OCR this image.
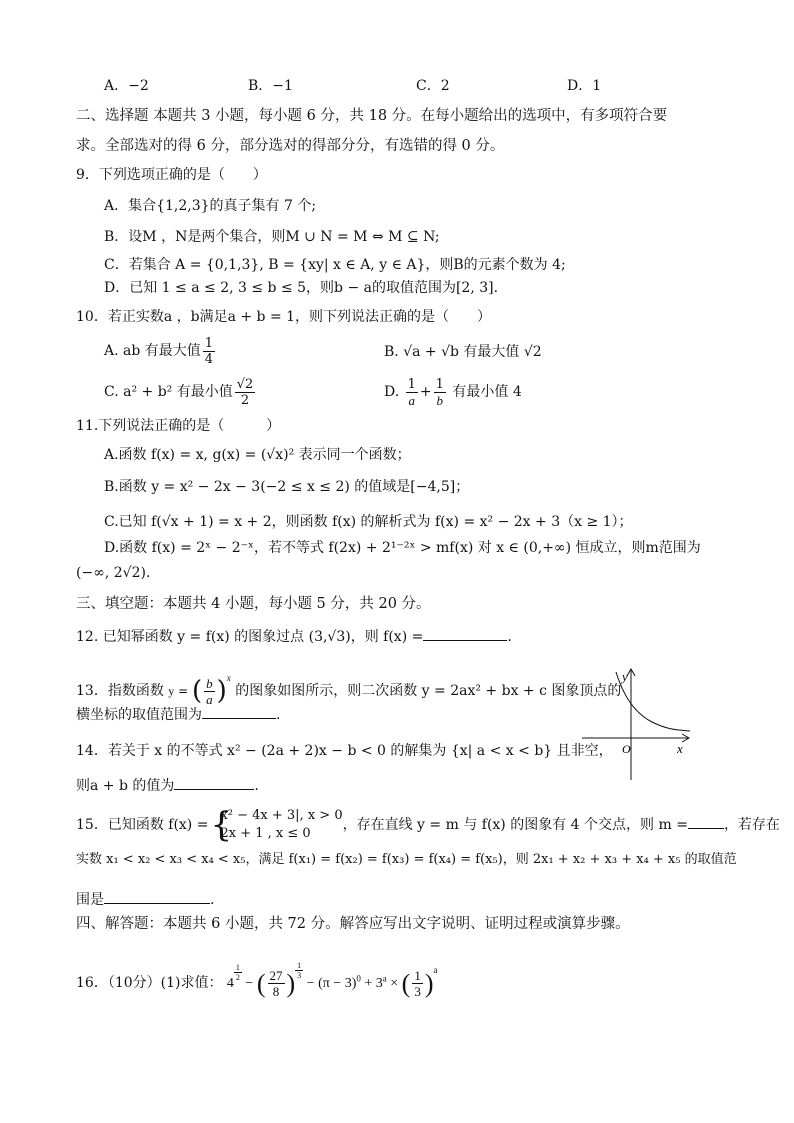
A．−2	B．−1	C．2	D．1
二、选择题 本题共 3 小题，每小题 6 分，共 18 分。在每小题给出的选项中，有多项符合要
求。全部选对的得 6 分，部分选对的得部分分，有选错的得 0 分。
9．下列选项正确的是（　　）
A．集合{1,2,3}的真子集有 7 个;
B．设M ，N是两个集合，则M ∪ N = M ⇔ M ⊆ N;
C．若集合 A = {0,1,3}, B = {xy| x ∈ A, y ∈ A}，则B的元素个数为 4;
D．已知 1 ≤ a ≤ 2, 3 ≤ b ≤ 5，则b − a的取值范围为[2, 3].
10．若正实数a ，b满足a + b = 1，则下列说法正确的是（　　）
A. ab 有最大值 $\frac{1}{4}$	B. √a + √b 有最大值 √2
C. a² + b² 有最小值 $\frac{√2}{2}$	D. $\frac{1}{a} + \frac{1}{b}$ 有最小值 4
11.下列说法正确的是（　　　）
A.函数 f(x) = x, g(x) = (√x)² 表示同一个函数；
B.函数 y = x² − 2x − 3(−2 ≤ x ≤ 2) 的值域是[−4,5]；
C.已知 f(√x + 1) = x + 2，则函数 f(x) 的解析式为 f(x) = x² − 2x + 3（x ≥ 1）；
D.函数 f(x) = 2ˣ − 2⁻ˣ，若不等式 f(2x) + 2¹⁻²ˣ > mf(x) 对 x ∈ (0,+∞) 恒成立，则m范围为
(−∞, 2√2).
三、填空题：本题共 4 小题，每小题 5 分，共 20 分。
12. 已知幂函数 y = f(x) 的图象过点 (3,√3)，则 f(x) =	.
13．指数函数 y = ( $\frac{b}{a} )^x$ 的图象如图所示，则二次函数 y = 2ax² + bx + c 图象顶点的
横坐标的取值范围为	.
y
x
O
14．若关于 x 的不等式 x² − (2a + 2)x − b < 0 的解集为 {x| a < x < b} 且非空，
则a + b 的值为	.
15．已知函数 f(x) = {
x² − 4x + 3|, x > 0
2x + 1 , x ≤ 0
，存在直线 y = m 与 f(x) 的图象有 4 个交点，则 m =	，若存在
实数 x₁ < x₂ < x₃ < x₄ < x₅，满足 f(x₁) = f(x₂) = f(x₃) = f(x₄) = f(x₅)，则 2x₁ + x₂ + x₃ + x₄ + x₅ 的取值范
围是	.
四、解答题：本题共 6 小题，共 72 分。解答应写出文字说明、证明过程或演算步骤。
16．（10分）(1)求值： 4
$^{\frac{1}{2}}$
− ( $\frac{27}{8}$ ) $^{\frac{1}{3}}$
− $(\pi - 3)^0 + 3^a$ × ( $\frac{1}{3} )^a$
